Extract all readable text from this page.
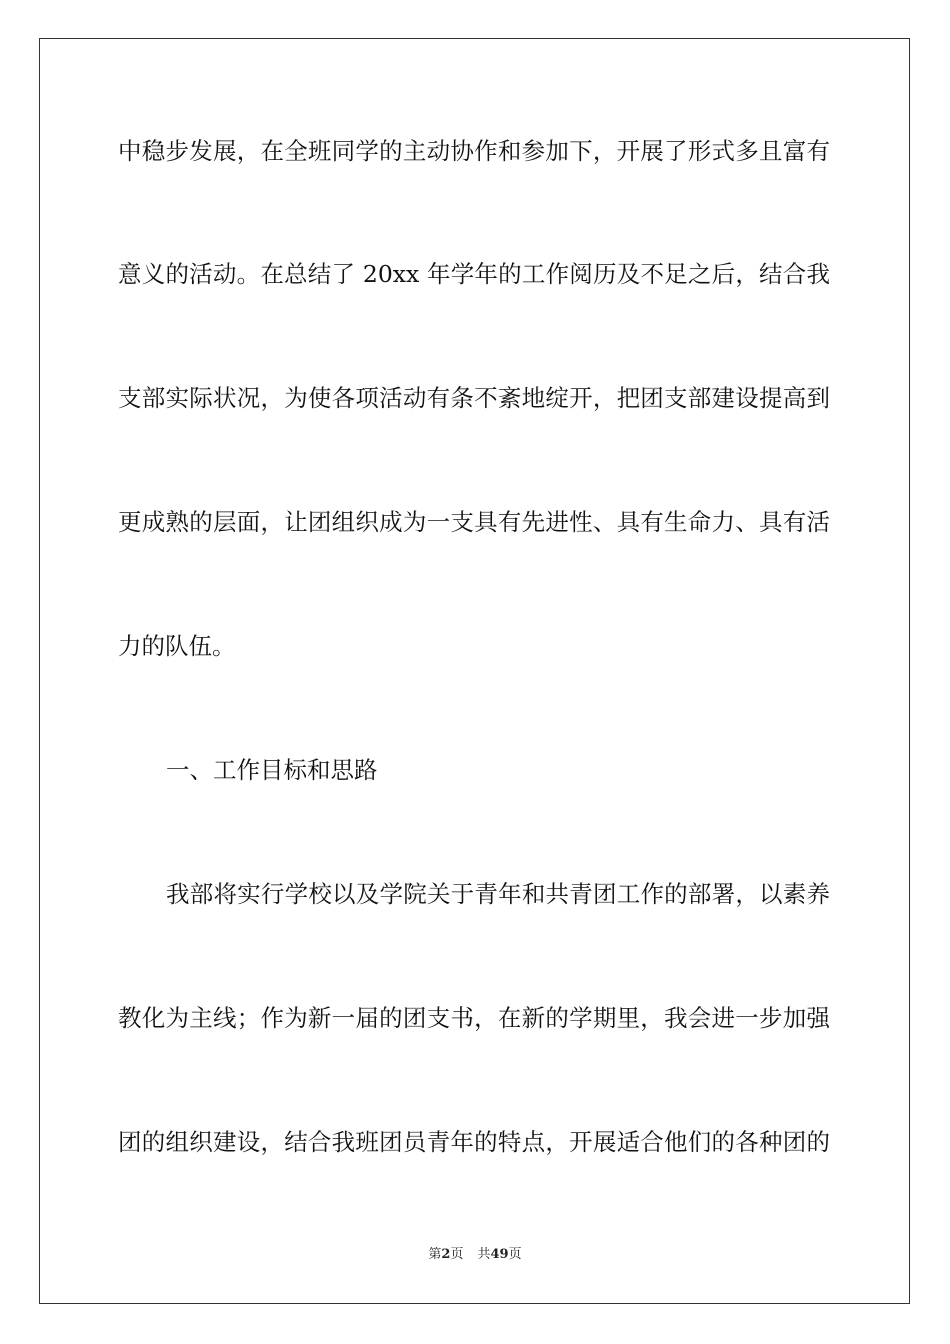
中稳步发展，在全班同学的主动协作和参加下，开展了形式多且富有
意义的活动。在总结了 20xx 年学年的工作阅历及不足之后，结合我
支部实际状况，为使各项活动有条不紊地绽开，把团支部建设提高到
更成熟的层面，让团组织成为一支具有先进性、具有生命力、具有活
力的队伍。
一、工作目标和思路
我部将实行学校以及学院关于青年和共青团工作的部署，以素养
教化为主线；作为新一届的团支书，在新的学期里，我会进一步加强
团的组织建设，结合我班团员青年的特点，开展适合他们的各种团的
第2页 共49页
